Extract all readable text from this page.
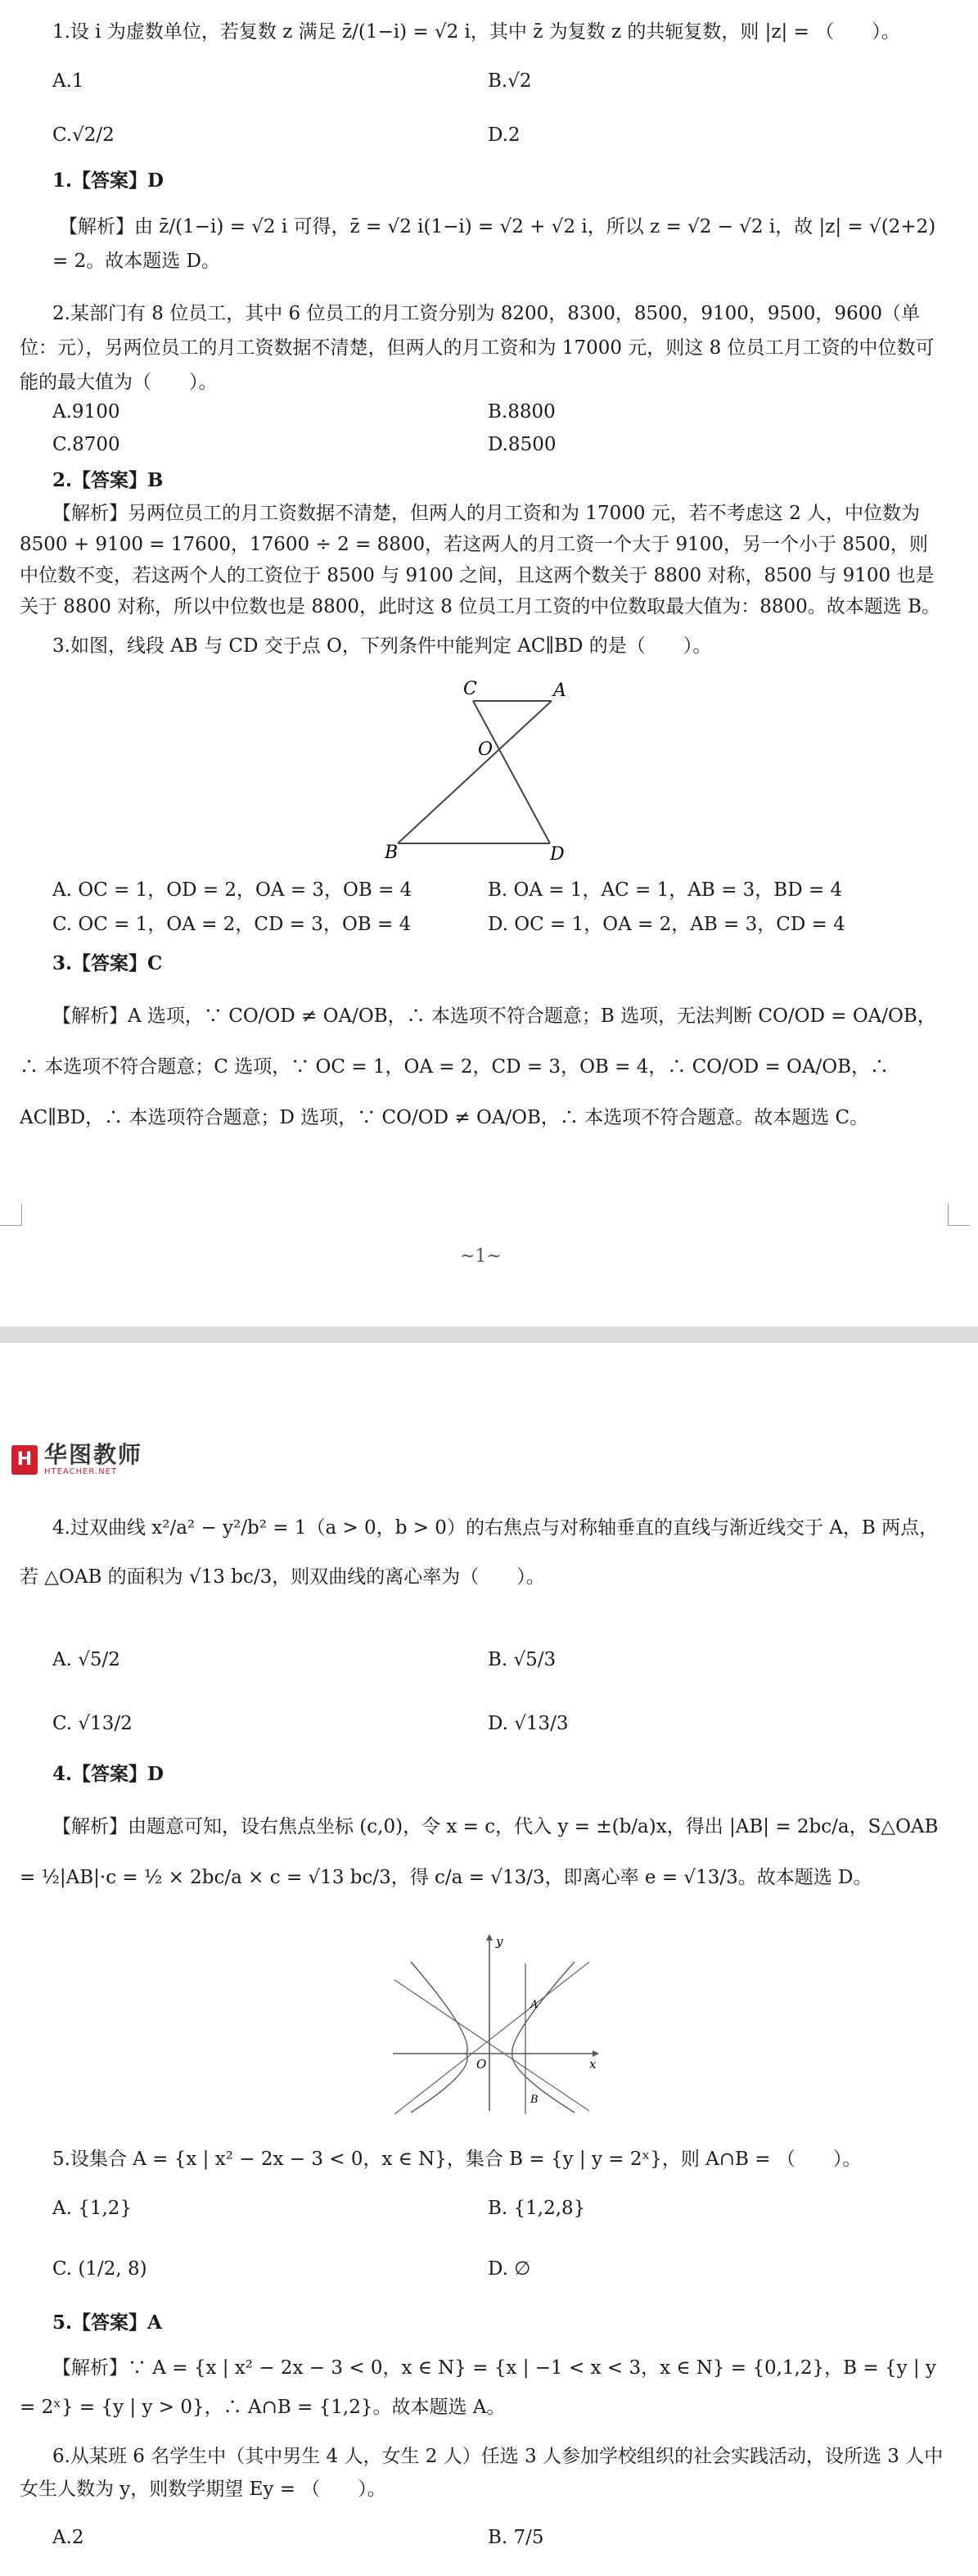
1.设 i 为虚数单位，若复数 z 满足 z̄/(1−i) = √2 i，其中 z̄ 为复数 z 的共轭复数，则 |z| = （　　）。
A.1	B.√2
C.√2/2	D.2
1.【答案】D
【解析】由 z̄/(1−i) = √2 i 可得，z̄ = √2 i(1−i) = √2 + √2 i，所以 z = √2 − √2 i，故 |z| = √(2+2) = 2。故本题选 D。
2.某部门有 8 位员工，其中 6 位员工的月工资分别为 8200，8300，8500，9100，9500，9600（单位：元），另两位员工的月工资数据不清楚，但两人的月工资和为 17000 元，则这 8 位员工月工资的中位数可能的最大值为（　　）。
A.9100	B.8800
C.8700	D.8500
2.【答案】B
【解析】另两位员工的月工资数据不清楚，但两人的月工资和为 17000 元，若不考虑这 2 人，中位数为 8500 + 9100 = 17600，17600 ÷ 2 = 8800，若这两人的月工资一个大于 9100，另一个小于 8500，则中位数不变，若这两个人的工资位于 8500 与 9100 之间，且这两个数关于 8800 对称，8500 与 9100 也是关于 8800 对称，所以中位数也是 8800，此时这 8 位员工月工资的中位数取最大值为：8800。故本题选 B。
3.如图，线段 AB 与 CD 交于点 O，下列条件中能判定 AC∥BD 的是（　　）。
C	A
O
B	D
A. OC = 1，OD = 2，OA = 3，OB = 4	B. OA = 1，AC = 1，AB = 3，BD = 4
C. OC = 1，OA = 2，CD = 3，OB = 4	D. OC = 1，OA = 2，AB = 3，CD = 4
3.【答案】C
【解析】A 选项，∵ CO/OD ≠ OA/OB，∴ 本选项不符合题意；B 选项，无法判断 CO/OD = OA/OB，∴ 本选项不符合题意；C 选项，∵ OC = 1，OA = 2，CD = 3，OB = 4，∴ CO/OD = OA/OB，∴ AC∥BD，∴ 本选项符合题意；D 选项，∵ CO/OD ≠ OA/OB，∴ 本选项不符合题意。故本题选 C。
~1~
H 华图教师
HTEACHER.NET
4.过双曲线 x²/a² − y²/b² = 1（a > 0，b > 0）的右焦点与对称轴垂直的直线与渐近线交于 A，B 两点，若 △OAB 的面积为 √13 bc/3，则双曲线的离心率为（　　）。
A. √5/2	B. √5/3
C. √13/2	D. √13/3
4.【答案】D
【解析】由题意可知，设右焦点坐标 (c,0)，令 x = c，代入 y = ±(b/a)x，得出 |AB| = 2bc/a，S△OAB = ½|AB|·c = ½ × 2bc/a × c = √13 bc/3，得 c/a = √13/3，即离心率 e = √13/3。故本题选 D。
y
x
O
A
B
5.设集合 A = {x | x² − 2x − 3 < 0，x ∈ N}，集合 B = {y | y = 2ˣ}，则 A∩B = （　　）。
A. {1,2}	B. {1,2,8}
C. (1/2, 8)	D. ∅
5.【答案】A
【解析】∵ A = {x | x² − 2x − 3 < 0，x ∈ N} = {x | −1 < x < 3，x ∈ N} = {0,1,2}，B = {y | y = 2ˣ} = {y | y > 0}，∴ A∩B = {1,2}。故本题选 A。
6.从某班 6 名学生中（其中男生 4 人，女生 2 人）任选 3 人参加学校组织的社会实践活动，设所选 3 人中女生人数为 y，则数学期望 Ey = （　　）。
A.2	B. 7/5
